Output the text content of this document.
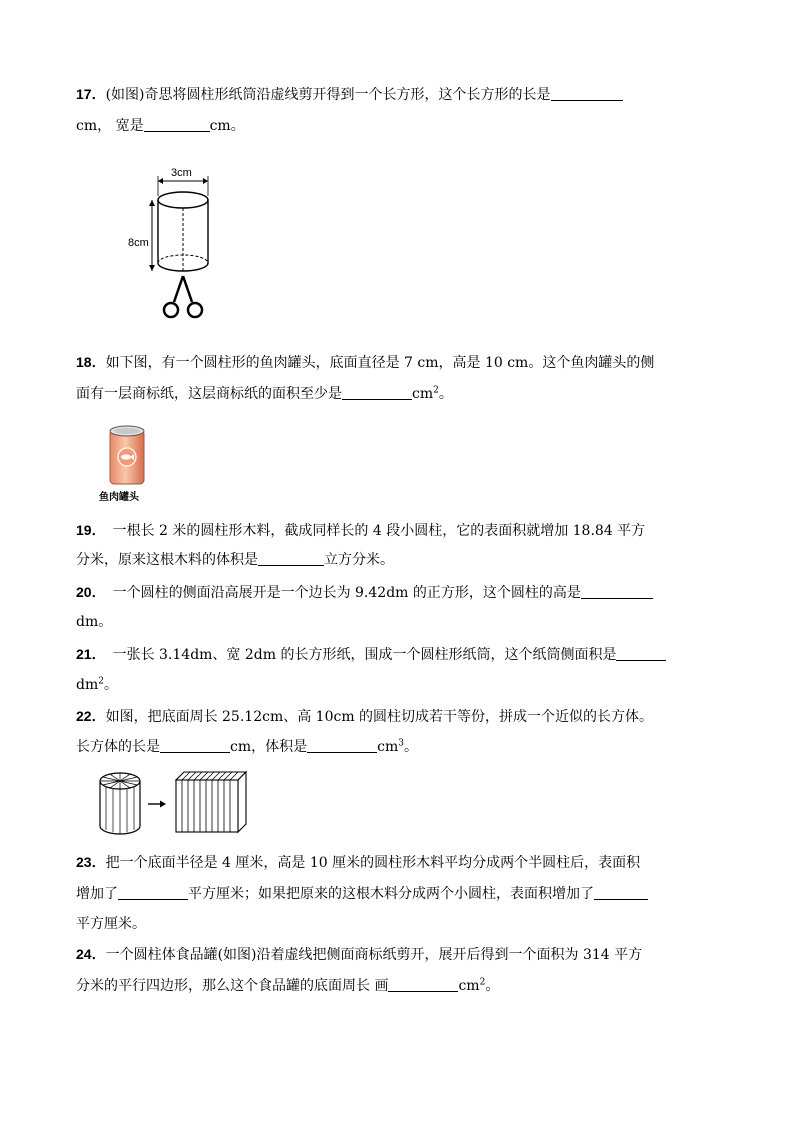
17．(如图)奇思将圆柱形纸筒沿虚线剪开得到一个长方形，这个长方形的长是
cm， 宽是	cm。
3cm
8cm
18．如下图，有一个圆柱形的鱼肉罐头，底面直径是 7 cm，高是 10 cm。这个鱼肉罐头的侧
面有一层商标纸，这层商标纸的面积至少是	$cm^2$。
鱼肉罐头
19．　一根长 2 米的圆柱形木料，截成同样长的 4 段小圆柱，它的表面积就增加 18.84 平方
分米，原来这根木料的体积是	立方分米。
20．　一个圆柱的侧面沿高展开是一个边长为 9.42dm 的正方形，这个圆柱的高是
dm。
21．　一张长 3.14dm、宽 2dm 的长方形纸，围成一个圆柱形纸筒，这个纸筒侧面积是
$dm^2$。
22．如图，把底面周长 25.12cm、高 10cm 的圆柱切成若干等份，拼成一个近似的长方体。
长方体的长是	cm，体积是	$cm^3$。
23．把一个底面半径是 4 厘米，高是 10 厘米的圆柱形木料平均分成两个半圆柱后，表面积
增加了	平方厘米；如果把原来的这根木料分成两个小圆柱，表面积增加了
平方厘米。
24．一个圆柱体食品罐(如图)沿着虚线把侧面商标纸剪开，展开后得到一个面积为 314 平方
分米的平行四边形，那么这个食品罐的底面周长 画	$cm^2$。
